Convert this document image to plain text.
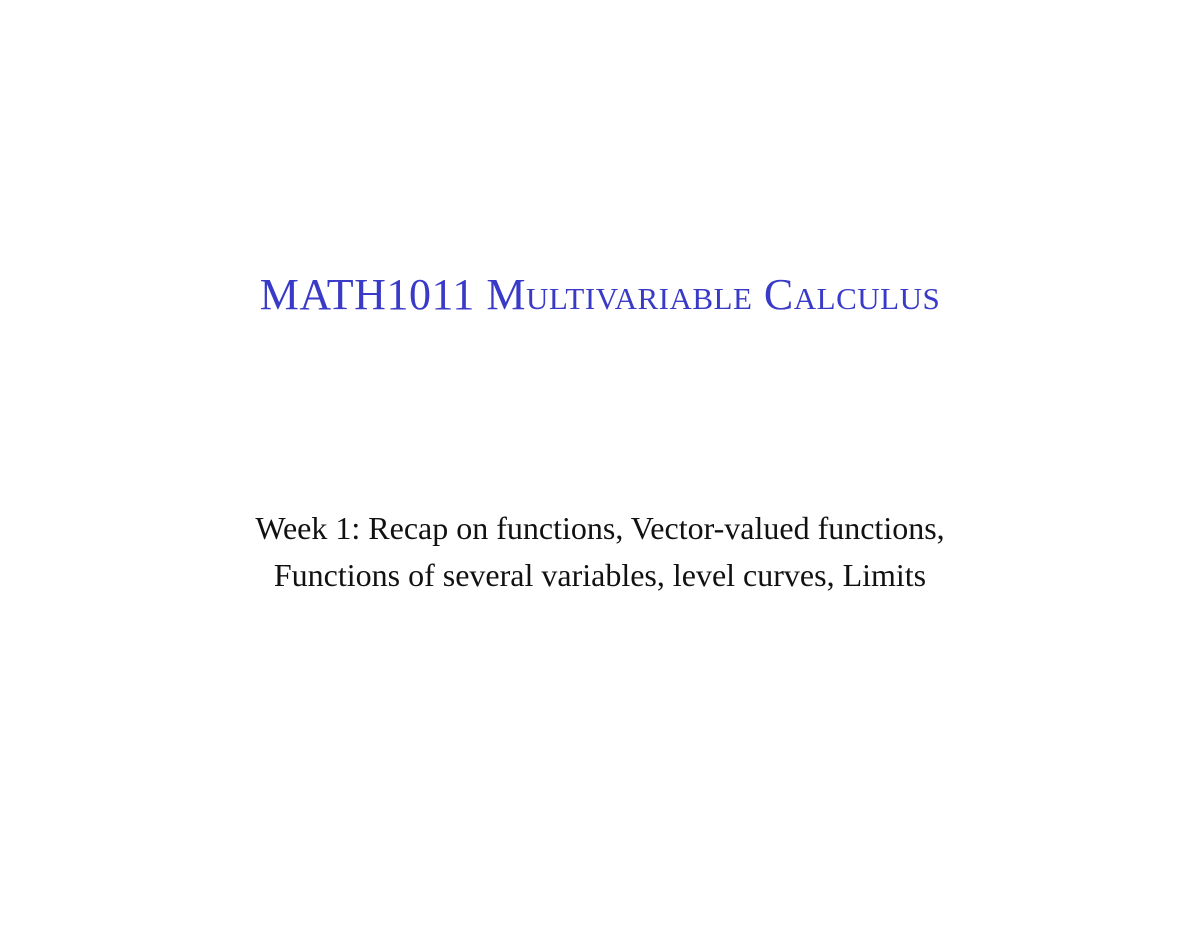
MATH1011 Multivariable Calculus
Week 1: Recap on functions, Vector-valued functions,
Functions of several variables, level curves, Limits
